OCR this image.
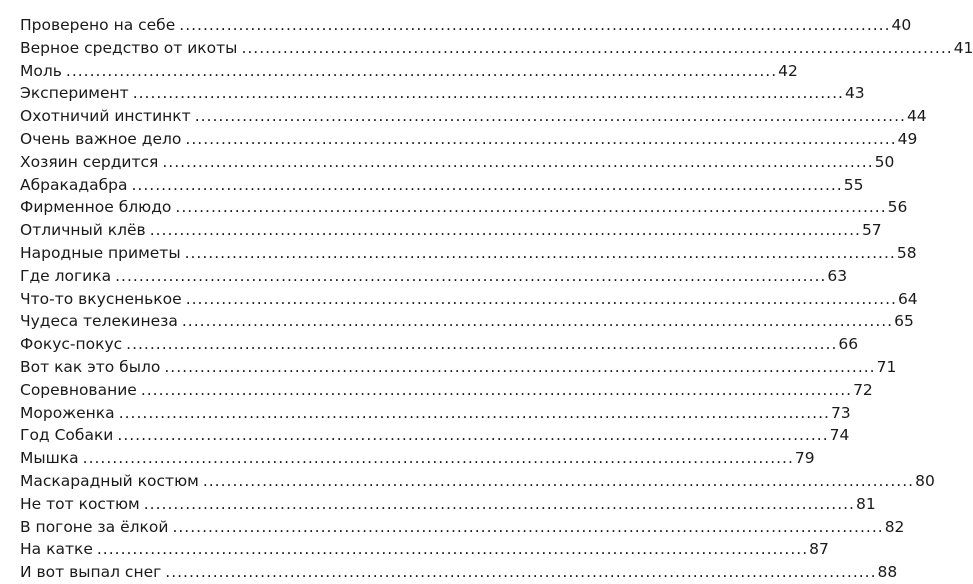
Проверено на себе ........................................................................................................................ 40
Верное средство от икоты ........................................................................................................................ 41
Моль ........................................................................................................................ 42
Эксперимент ........................................................................................................................ 43
Охотничий инстинкт ........................................................................................................................ 44
Очень важное дело ........................................................................................................................ 49
Хозяин сердится ........................................................................................................................ 50
Абракадабра ........................................................................................................................ 55
Фирменное блюдо ........................................................................................................................ 56
Отличный клёв ........................................................................................................................ 57
Народные приметы ........................................................................................................................ 58
Где логика ........................................................................................................................ 63
Что-то вкусненькое ........................................................................................................................ 64
Чудеса телекинеза ........................................................................................................................ 65
Фокус-покус ........................................................................................................................ 66
Вот как это было ........................................................................................................................ 71
Соревнование ........................................................................................................................ 72
Мороженка ........................................................................................................................ 73
Год Собаки ........................................................................................................................ 74
Мышка ........................................................................................................................ 79
Маскарадный костюм ........................................................................................................................ 80
Не тот костюм ........................................................................................................................ 81
В погоне за ёлкой ........................................................................................................................ 82
На катке ........................................................................................................................ 87
И вот выпал снег ........................................................................................................................ 88
